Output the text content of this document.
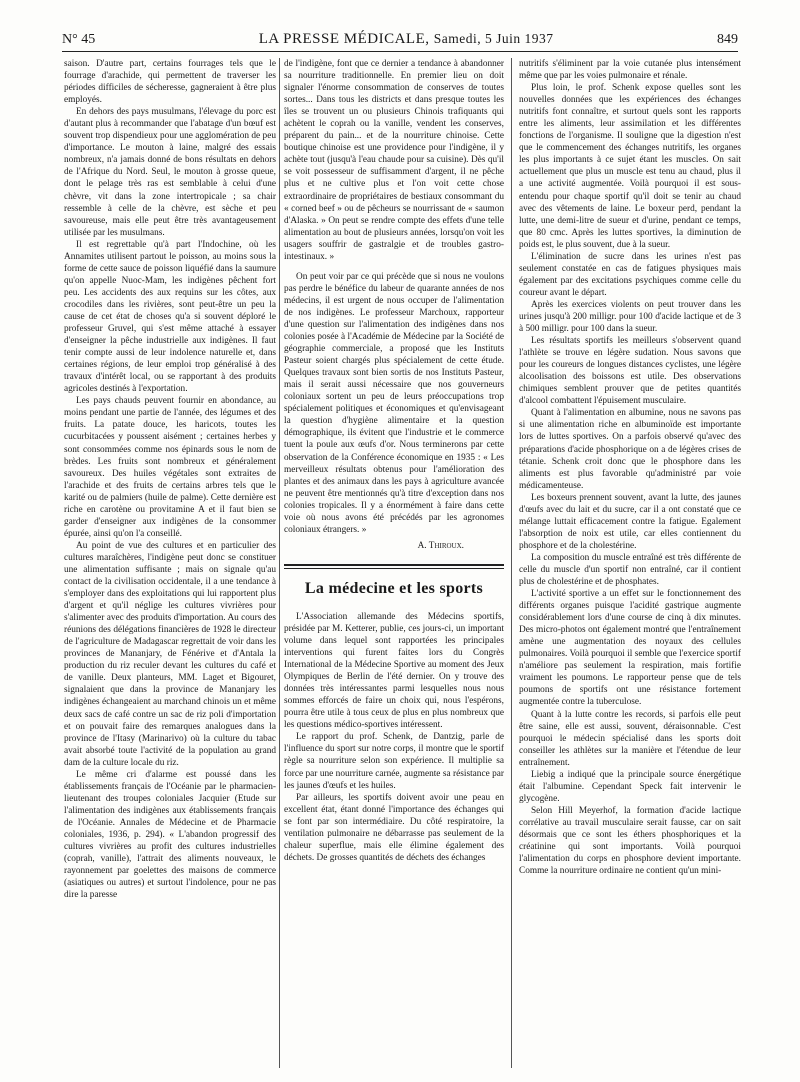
N° 45	LA PRESSE MÉDICALE, Samedi, 5 Juin 1937	849

saison. D'autre part, certains fourrages tels que le fourrage d'arachide, qui permettent de traverser les périodes difficiles de sécheresse, gagneraient à être plus employés.

En dehors des pays musulmans, l'élevage du porc est d'autant plus à recommander que l'abatage d'un bœuf est souvent trop dispendieux pour une agglomération de peu d'importance. Le mouton à laine, malgré des essais nombreux, n'a jamais donné de bons résultats en dehors de l'Afrique du Nord. Seul, le mouton à grosse queue, dont le pelage très ras est semblable à celui d'une chèvre, vit dans la zone intertropicale ; sa chair ressemble à celle de la chèvre, est sèche et peu savoureuse, mais elle peut être très avantageusement utilisée par les musulmans.

Il est regrettable qu'à part l'Indochine, où les Annamites utilisent partout le poisson, au moins sous la forme de cette sauce de poisson liquéfié dans la saumure qu'on appelle Nuoc-Mam, les indigènes pêchent fort peu. Les accidents des aux requins sur les côtes, aux crocodiles dans les rivières, sont peut-être un peu la cause de cet état de choses qu'a si souvent déploré le professeur Gruvel, qui s'est même attaché à essayer d'enseigner la pêche industrielle aux indigènes. Il faut tenir compte aussi de leur indolence naturelle et, dans certaines régions, de leur emploi trop généralisé à des travaux d'intérêt local, ou se rapportant à des produits agricoles destinés à l'exportation.

Les pays chauds peuvent fournir en abondance, au moins pendant une partie de l'année, des légumes et des fruits. La patate douce, les haricots, toutes les cucurbitacées y poussent aisément ; certaines herbes y sont consommées comme nos épinards sous le nom de brèdes. Les fruits sont nombreux et généralement savoureux. Des huiles végétales sont extraites de l'arachide et des fruits de certains arbres tels que le karité ou de palmiers (huile de palme). Cette dernière est riche en carotène ou provitamine A et il faut bien se garder d'enseigner aux indigènes de la consommer épurée, ainsi qu'on l'a conseillé.

Au point de vue des cultures et en particulier des cultures maraîchères, l'indigène peut donc se constituer une alimentation suffisante ; mais on signale qu'au contact de la civilisation occidentale, il a une tendance à s'employer dans des exploitations qui lui rapportent plus d'argent et qu'il néglige les cultures vivrières pour s'alimenter avec des produits d'importation. Au cours des réunions des délégations financières de 1928 le directeur de l'agriculture de Madagascar regrettait de voir dans les provinces de Mananjary, de Fénérive et d'Antala la production du riz reculer devant les cultures du café et de vanille. Deux planteurs, MM. Laget et Bigouret, signalaient que dans la province de Mananjary les indigènes échangeaient au marchand chinois un et même deux sacs de café contre un sac de riz poli d'importation et on pouvait faire des remarques analogues dans la province de l'Itasy (Marinarivo) où la culture du tabac avait absorbé toute l'activité de la population au grand dam de la culture locale du riz.

Le même cri d'alarme est poussé dans les établissements français de l'Océanie par le pharmacien-lieutenant des troupes coloniales Jacquier (Etude sur l'alimentation des indigènes aux établissements français de l'Océanie. Annales de Médecine et de Pharmacie coloniales, 1936, p. 294). « L'abandon progressif des cultures vivrières au profit des cultures industrielles (coprah, vanille), l'attrait des aliments nouveaux, le rayonnement par goelettes des maisons de commerce (asiatiques ou autres) et surtout l'indolence, pour ne pas dire la paresse

de l'indigène, font que ce dernier a tendance à abandonner sa nourriture traditionnelle. En premier lieu on doit signaler l'énorme consommation de conserves de toutes sortes... Dans tous les districts et dans presque toutes les îles se trouvent un ou plusieurs Chinois trafiquants qui achètent le coprah ou la vanille, vendent les conserves, préparent du pain... et de la nourriture chinoise. Cette boutique chinoise est une providence pour l'indigène, il y achète tout (jusqu'à l'eau chaude pour sa cuisine). Dès qu'il se voit possesseur de suffisamment d'argent, il ne pêche plus et ne cultive plus et l'on voit cette chose extraordinaire de propriétaires de bestiaux consommant du « corned beef » ou de pêcheurs se nourrissant de « saumon d'Alaska. » On peut se rendre compte des effets d'une telle alimentation au bout de plusieurs années, lorsqu'on voit les usagers souffrir de gastralgie et de troubles gastro-intestinaux. »

On peut voir par ce qui précède que si nous ne voulons pas perdre le bénéfice du labeur de quarante années de nos médecins, il est urgent de nous occuper de l'alimentation de nos indigènes. Le professeur Marchoux, rapporteur d'une question sur l'alimentation des indigènes dans nos colonies posée à l'Académie de Médecine par la Société de géographie commerciale, a proposé que les Instituts Pasteur soient chargés plus spécialement de cette étude. Quelques travaux sont bien sortis de nos Instituts Pasteur, mais il serait aussi nécessaire que nos gouverneurs coloniaux sortent un peu de leurs préoccupations trop spécialement politiques et économiques et qu'envisageant la question d'hygiène alimentaire et la question démographique, ils évitent que l'industrie et le commerce tuent la poule aux œufs d'or. Nous terminerons par cette observation de la Conférence économique en 1935 : « Les merveilleux résultats obtenus pour l'amélioration des plantes et des animaux dans les pays à agriculture avancée ne peuvent être mentionnés qu'à titre d'exception dans nos colonies tropicales. Il y a énormément à faire dans cette voie où nous avons été précédés par les agronomes coloniaux étrangers. »

A. Thiroux.

La médecine et les sports

L'Association allemande des Médecins sportifs, présidée par M. Ketterer, publie, ces jours-ci, un important volume dans lequel sont rapportées les principales interventions qui furent faites lors du Congrès International de la Médecine Sportive au moment des Jeux Olympiques de Berlin de l'été dernier. On y trouve des données très intéressantes parmi lesquelles nous nous sommes efforcés de faire un choix qui, nous l'espérons, pourra être utile à tous ceux de plus en plus nombreux que les questions médico-sportives intéressent.

Le rapport du prof. Schenk, de Dantzig, parle de l'influence du sport sur notre corps, il montre que le sportif règle sa nourriture selon son expérience. Il multiplie sa force par une nourriture carnée, augmente sa résistance par les jaunes d'œufs et les huiles.

Par ailleurs, les sportifs doivent avoir une peau en excellent état, étant donné l'importance des échanges qui se font par son intermédiaire. Du côté respiratoire, la ventilation pulmonaire ne débarrasse pas seulement de la chaleur superflue, mais elle élimine également des déchets. De grosses quantités de déchets des échanges

nutritifs s'éliminent par la voie cutanée plus intensément même que par les voies pulmonaire et rénale.

Plus loin, le prof. Schenk expose quelles sont les nouvelles données que les expériences des échanges nutritifs font connaître, et surtout quels sont les rapports entre les aliments, leur assimilation et les différentes fonctions de l'organisme. Il souligne que la digestion n'est que le commencement des échanges nutritifs, les organes les plus importants à ce sujet étant les muscles. On sait actuellement que plus un muscle est tenu au chaud, plus il a une activité augmentée. Voilà pourquoi il est sous-entendu pour chaque sportif qu'il doit se tenir au chaud avec des vêtements de laine. Le boxeur perd, pendant la lutte, une demi-litre de sueur et d'urine, pendant ce temps, que 80 cmc. Après les luttes sportives, la diminution de poids est, le plus souvent, due à la sueur.

L'élimination de sucre dans les urines n'est pas seulement constatée en cas de fatigues physiques mais également par des excitations psychiques comme celle du coureur avant le départ.

Après les exercices violents on peut trouver dans les urines jusqu'à 200 milligr. pour 100 d'acide lactique et de 3 à 500 milligr. pour 100 dans la sueur.

Les résultats sportifs les meilleurs s'observent quand l'athlète se trouve en légère sudation. Nous savons que pour les coureurs de longues distances cyclistes, une légère alcoolisation des boissons est utile. Des observations chimiques semblent prouver que de petites quantités d'alcool combattent l'épuisement musculaire.

Quant à l'alimentation en albumine, nous ne savons pas si une alimentation riche en albuminoïde est importante lors de luttes sportives. On a parfois observé qu'avec des préparations d'acide phosphorique on a de légères crises de tétanie. Schenk croit donc que le phosphore dans les aliments est plus favorable qu'administré par voie médicamenteuse.

Les boxeurs prennent souvent, avant la lutte, des jaunes d'œufs avec du lait et du sucre, car il a ont constaté que ce mélange luttait efficacement contre la fatigue. Egalement l'absorption de noix est utile, car elles contiennent du phosphore et de la cholestérine.

La composition du muscle entraîné est très différente de celle du muscle d'un sportif non entraîné, car il contient plus de cholestérine et de phosphates.

L'activité sportive a un effet sur le fonctionnement des différents organes puisque l'acidité gastrique augmente considérablement lors d'une course de cinq à dix minutes. Des micro-photos ont également montré que l'entraînement amène une augmentation des noyaux des cellules pulmonaires. Voilà pourquoi il semble que l'exercice sportif n'améliore pas seulement la respiration, mais fortifie vraiment les poumons. Le rapporteur pense que de tels poumons de sportifs ont une résistance fortement augmentée contre la tuberculose.

Quant à la lutte contre les records, si parfois elle peut être saine, elle est aussi, souvent, déraisonnable. C'est pourquoi le médecin spécialisé dans les sports doit conseiller les athlètes sur la manière et l'étendue de leur entraînement.

Liebig a indiqué que la principale source énergétique était l'albumine. Cependant Speck fait intervenir le glycogène.

Selon Hill Meyerhof, la formation d'acide lactique corrélative au travail musculaire serait fausse, car on sait désormais que ce sont les éthers phosphoriques et la créatinine qui sont importants. Voilà pourquoi l'alimentation du corps en phosphore devient importante. Comme la nourriture ordinaire ne contient qu'un mini-
